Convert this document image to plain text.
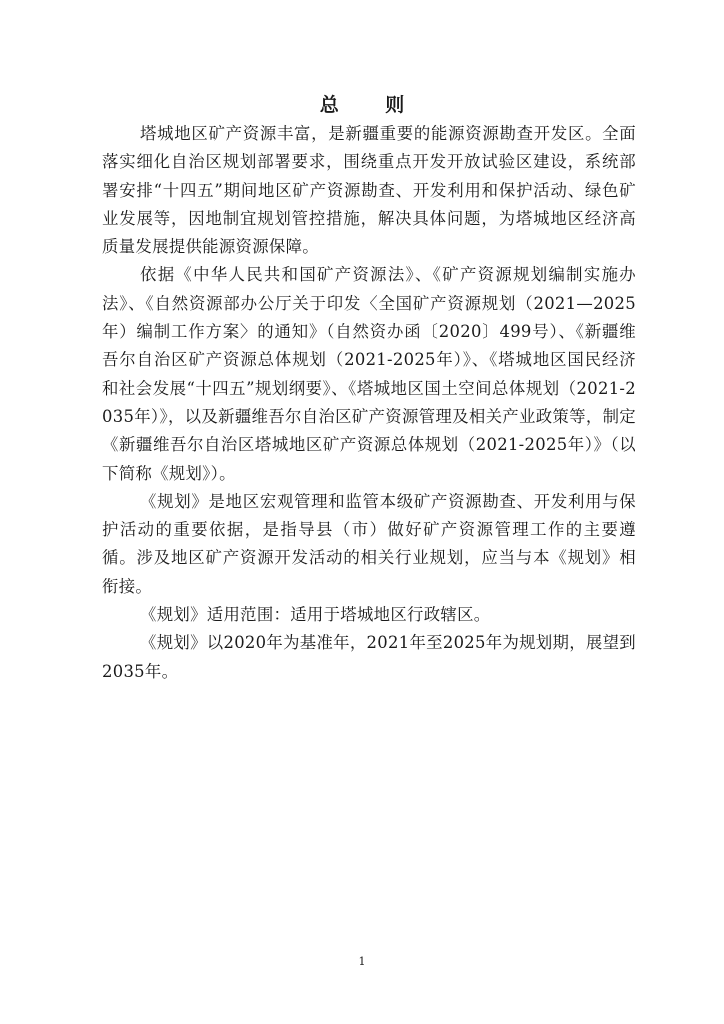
总 则

塔城地区矿产资源丰富，是新疆重要的能源资源勘查开发区。全面落实细化自治区规划部署要求，围绕重点开发开放试验区建设，系统部署安排“十四五”期间地区矿产资源勘查、开发利用和保护活动、绿色矿业发展等，因地制宜规划管控措施，解决具体问题，为塔城地区经济高质量发展提供能源资源保障。

依据《中华人民共和国矿产资源法》、《矿产资源规划编制实施办法》、《自然资源部办公厅关于印发〈全国矿产资源规划（2021—2025年）编制工作方案〉的通知》（自然资办函〔2020〕499号）、《新疆维吾尔自治区矿产资源总体规划（2021-2025年）》、《塔城地区国民经济和社会发展“十四五”规划纲要》、《塔城地区国土空间总体规划（2021-2035年）》，以及新疆维吾尔自治区矿产资源管理及相关产业政策等，制定《新疆维吾尔自治区塔城地区矿产资源总体规划（2021-2025年）》（以下简称《规划》）。

《规划》是地区宏观管理和监管本级矿产资源勘查、开发利用与保护活动的重要依据，是指导县（市）做好矿产资源管理工作的主要遵循。涉及地区矿产资源开发活动的相关行业规划，应当与本《规划》相衔接。

《规划》适用范围：适用于塔城地区行政辖区。

《规划》以2020年为基准年，2021年至2025年为规划期，展望到2035年。

1
